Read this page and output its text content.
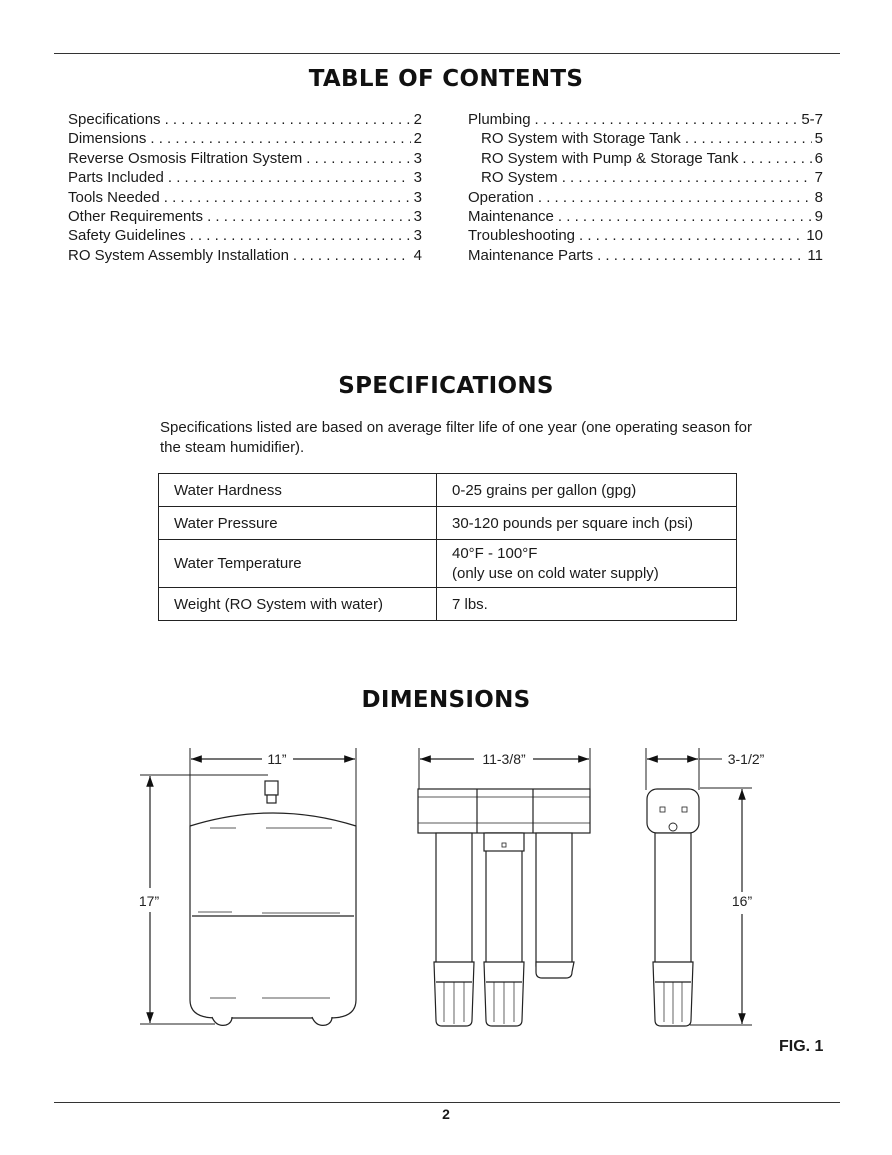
TABLE OF CONTENTS
Specifications . . .	2
Dimensions . . .	2
Reverse Osmosis Filtration System . . .	3
Parts Included . . .	3
Tools Needed . . .	3
Other Requirements . . .	3
Safety Guidelines . . .	3
RO System Assembly Installation . . .	4
Plumbing . . .	5-7
RO System with Storage Tank . . .	5
RO System with Pump & Storage Tank . . .	6
RO System . . .	7
Operation . . .	8
Maintenance . . .	9
Troubleshooting . . .	10
Maintenance Parts . . .	11
SPECIFICATIONS
Specifications listed are based on average filter life of one year (one operating season for the steam humidifier).
Water Hardness	0-25 grains per gallon (gpg)
Water Pressure	30-120 pounds per square inch (psi)
Water Temperature	40°F - 100°F
(only use on cold water supply)

Weight (RO System with water)	7 lbs.
DIMENSIONS
11”
17”
11-3/8”	3-1/2”
16”
FIG. 1
2
